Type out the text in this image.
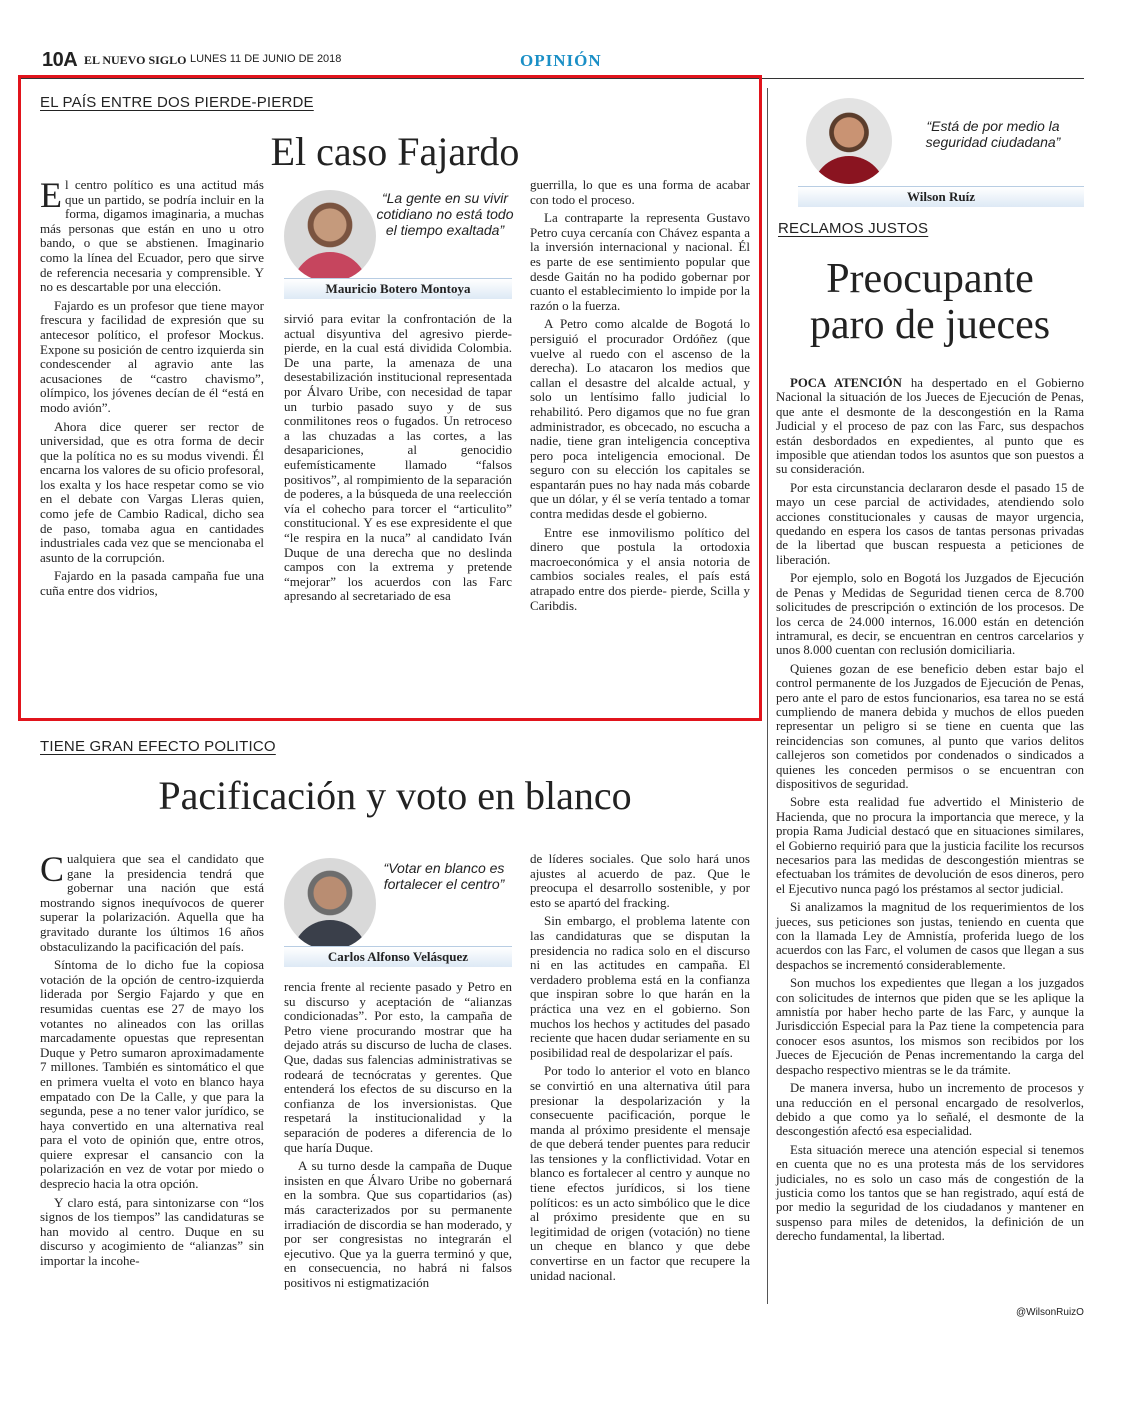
10A EL NUEVO SIGLO LUNES 11 DE JUNIO DE 2018	OPINIÓN
EL PAÍS ENTRE DOS PIERDE-PIERDE
El caso Fajardo

El centro político es una actitud más que un partido, se podría incluir en la forma, digamos imaginaria, a muchas más personas que están en uno u otro bando, o que se abstienen. Imaginario como la línea del Ecuador, pero que sirve de referencia necesaria y comprensible. Y no es descartable por una elección.

Fajardo es un profesor que tiene mayor frescura y facilidad de expresión que su antecesor político, el profesor Mockus. Expone su posición de centro izquierda sin condescender al agravio ante las acusaciones de “castro chavismo”, olímpico, los jóvenes decían de él “está en modo avión”.

Ahora dice querer ser rector de universidad, que es otra forma de decir que la política no es su modus vivendi. Él encarna los valores de su oficio profesoral, los exalta y los hace respetar como se vio en el debate con Vargas Lleras quien, como jefe de Cambio Radical, dicho sea de paso, tomaba agua en cantidades industriales cada vez que se mencionaba el asunto de la corrupción.

Fajardo en la pasada campaña fue una cuña entre dos vidrios,

“La gente en su vivir cotidiano no está todo el tiempo exaltada”
Mauricio Botero Montoya

sirvió para evitar la confrontación de la actual disyuntiva del agresivo pierde-pierde, en la cual está dividida Colombia. De una parte, la amenaza de una desestabilización institucional representada por Álvaro Uribe, con necesidad de tapar un turbio pasado suyo y de sus conmilitones reos o fugados. Un retroceso a las chuzadas a las cortes, a las desapariciones, al genocidio eufemísticamente llamado “falsos positivos”, al rompimiento de la separación de poderes, a la búsqueda de una reelección vía el cohecho para torcer el “articulito” constitucional. Y es ese expresidente el que “le respira en la nuca” al candidato Iván Duque de una derecha que no deslinda campos con la extrema y pretende “mejorar” los acuerdos con las Farc apresando al secretariado de esa

guerrilla, lo que es una forma de acabar con todo el proceso.

La contraparte la representa Gustavo Petro cuya cercanía con Chávez espanta a la inversión internacional y nacional. Él es parte de ese sentimiento popular que desde Gaitán no ha podido gobernar por cuanto el establecimiento lo impide por la razón o la fuerza.

A Petro como alcalde de Bogotá lo persiguió el procurador Ordóñez (que vuelve al ruedo con el ascenso de la derecha). Lo atacaron los medios que callan el desastre del alcalde actual, y solo un lentísimo fallo judicial lo rehabilitó. Pero digamos que no fue gran administrador, es obcecado, no escucha a nadie, tiene gran inteligencia conceptiva pero poca inteligencia emocional. De seguro con su elección los capitales se espantarán pues no hay nada más cobarde que un dólar, y él se vería tentado a tomar contra medidas desde el gobierno.

Entre ese inmovilismo político del dinero que postula la ortodoxia macroeconómica y el ansia notoria de cambios sociales reales, el país está atrapado entre dos pierde- pierde, Scilla y Caribdis.

TIENE GRAN EFECTO POLITICO
Pacificación y voto en blanco

Cualquiera que sea el candidato que gane la presidencia tendrá que gobernar una nación que está mostrando signos inequívocos de querer superar la polarización. Aquella que ha gravitado durante los últimos 16 años obstaculizando la pacificación del país.

Síntoma de lo dicho fue la copiosa votación de la opción de centro-izquierda liderada por Sergio Fajardo y que en resumidas cuentas ese 27 de mayo los votantes no alineados con las orillas marcadamente opuestas que representan Duque y Petro sumaron aproximadamente 7 millones. También es sintomático el que en primera vuelta el voto en blanco haya empatado con De la Calle, y que para la segunda, pese a no tener valor jurídico, se haya convertido en una alternativa real para el voto de opinión que, entre otros, quiere expresar el cansancio con la polarización en vez de votar por miedo o desprecio hacia la otra opción.

Y claro está, para sintonizarse con “los signos de los tiempos” las candidaturas se han movido al centro. Duque en su discurso y acogimiento de “alianzas” sin importar la incohe-

“Votar en blanco es fortalecer el centro”
Carlos Alfonso Velásquez

rencia frente al reciente pasado y Petro en su discurso y aceptación de “alianzas condicionadas”. Por esto, la campaña de Petro viene procurando mostrar que ha dejado atrás su discurso de lucha de clases. Que, dadas sus falencias administrativas se rodeará de tecnócratas y gerentes. Que entenderá los efectos de su discurso en la confianza de los inversionistas. Que respetará la institucionalidad y la separación de poderes a diferencia de lo que haría Duque.

A su turno desde la campaña de Duque insisten en que Álvaro Uribe no gobernará en la sombra. Que sus copartidarios (as) más caracterizados por su permanente irradiación de discordia se han moderado, y por ser congresistas no integrarán el ejecutivo. Que ya la guerra terminó y que, en consecuencia, no habrá ni falsos positivos ni estigmatización

de líderes sociales. Que solo hará unos ajustes al acuerdo de paz. Que le preocupa el desarrollo sostenible, y por esto se apartó del fracking.

Sin embargo, el problema latente con las candidaturas que se disputan la presidencia no radica solo en el discurso ni en las actitudes en campaña. El verdadero problema está en la confianza que inspiran sobre lo que harán en la práctica una vez en el gobierno. Son muchos los hechos y actitudes del pasado reciente que hacen dudar seriamente en su posibilidad real de despolarizar el país.

Por todo lo anterior el voto en blanco se convirtió en una alternativa útil para presionar la despolarización y la consecuente pacificación, porque le manda al próximo presidente el mensaje de que deberá tender puentes para reducir las tensiones y la conflictividad. Votar en blanco es fortalecer al centro y aunque no tiene efectos jurídicos, si los tiene políticos: es un acto simbólico que le dice al próximo presidente que en su legitimidad de origen (votación) no tiene un cheque en blanco y que debe convertirse en un factor que recupere la unidad nacional.

“Está de por medio la seguridad ciudadana”
Wilson Ruíz
RECLAMOS JUSTOS
Preocupante
paro de jueces

POCA ATENCIÓN ha despertado en el Gobierno Nacional la situación de los Jueces de Ejecución de Penas, que ante el desmonte de la descongestión en la Rama Judicial y el proceso de paz con las Farc, sus despachos están desbordados en expedientes, al punto que es imposible que atiendan todos los asuntos que son puestos a su consideración.

Por esta circunstancia declararon desde el pasado 15 de mayo un cese parcial de actividades, atendiendo solo acciones constitucionales y causas de mayor urgencia, quedando en espera los casos de tantas personas privadas de la libertad que buscan respuesta a peticiones de liberación.

Por ejemplo, solo en Bogotá los Juzgados de Ejecución de Penas y Medidas de Seguridad tienen cerca de 8.700 solicitudes de prescripción o extinción de los procesos. De los cerca de 24.000 internos, 16.000 están en detención intramural, es decir, se encuentran en centros carcelarios y unos 8.000 cuentan con reclusión domiciliaria.

Quienes gozan de ese beneficio deben estar bajo el control permanente de los Juzgados de Ejecución de Penas, pero ante el paro de estos funcionarios, esa tarea no se está cumpliendo de manera debida y muchos de ellos pueden representar un peligro si se tiene en cuenta que las reincidencias son comunes, al punto que varios delitos callejeros son cometidos por condenados o sindicados a quienes les conceden permisos o se encuentran con dispositivos de seguridad.

Sobre esta realidad fue advertido el Ministerio de Hacienda, que no procura la importancia que merece, y la propia Rama Judicial destacó que en situaciones similares, el Gobierno requirió para que la justicia facilite los recursos necesarios para las medidas de descongestión mientras se efectuaban los trámites de devolución de esos dineros, pero el Ejecutivo nunca pagó los préstamos al sector judicial.

Si analizamos la magnitud de los requerimientos de los jueces, sus peticiones son justas, teniendo en cuenta que con la llamada Ley de Amnistía, proferida luego de los acuerdos con las Farc, el volumen de casos que llegan a sus despachos se incrementó considerablemente.

Son muchos los expedientes que llegan a los juzgados con solicitudes de internos que piden que se les aplique la amnistía por haber hecho parte de las Farc, y aunque la Jurisdicción Especial para la Paz tiene la competencia para conocer esos asuntos, los mismos son recibidos por los Jueces de Ejecución de Penas incrementando la carga del despacho respectivo mientras se le da trámite.

De manera inversa, hubo un incremento de procesos y una reducción en el personal encargado de resolverlos, debido a que como ya lo señalé, el desmonte de la descongestión afectó esa especialidad.

Esta situación merece una atención especial si tenemos en cuenta que no es una protesta más de los servidores judiciales, no es solo un caso más de congestión de la justicia como los tantos que se han registrado, aquí está de por medio la seguridad de los ciudadanos y mantener en suspenso para miles de detenidos, la definición de un derecho fundamental, la libertad.

@WilsonRuizO
